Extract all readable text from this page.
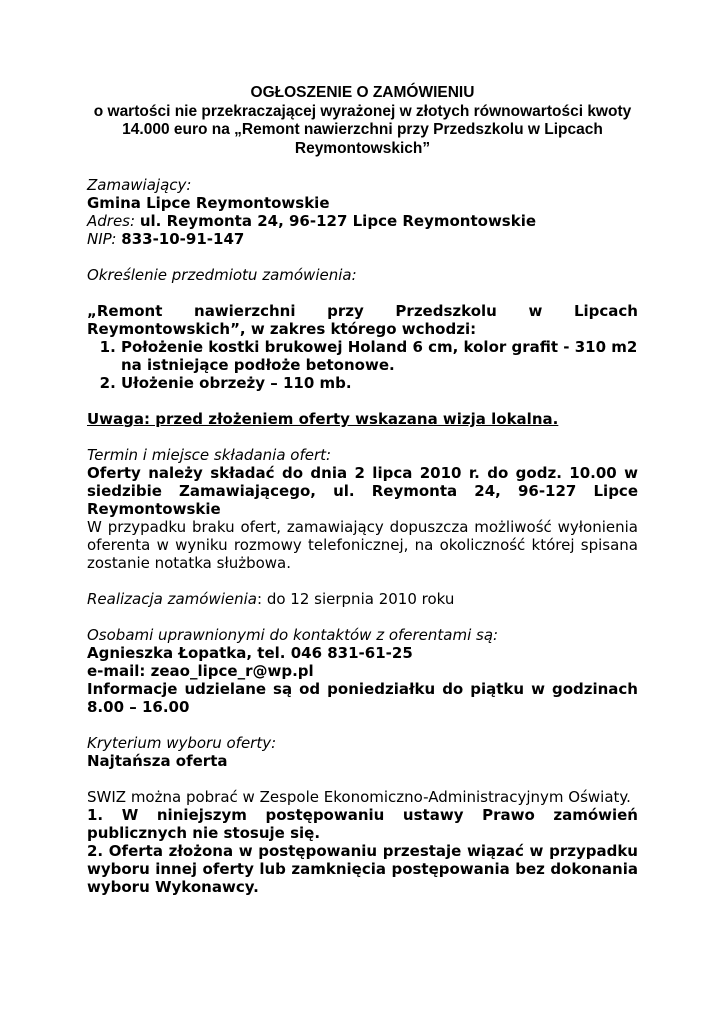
OGŁOSZENIE O ZAMÓWIENIU
o wartości nie przekraczającej wyrażonej w złotych równowartości kwoty 14.000 euro na „Remont nawierzchni przy Przedszkolu w Lipcach Reymontowskich”

Zamawiający:

Gmina Lipce Reymontowskie

Adres: ul. Reymonta 24, 96-127 Lipce Reymontowskie

NIP: 833-10-91-147

Określenie przedmiotu zamówienia:

„Remont nawierzchni przy Przedszkolu w Lipcach
Reymontowskich”, w zakres którego wchodzi:

1. Położenie kostki brukowej Holand 6 cm, kolor grafit - 310 m2 na istniejące podłoże betonowe.
2. Ułożenie obrzeży – 110 mb.

Uwaga: przed złożeniem oferty wskazana wizja lokalna.

Termin i miejsce składania ofert:

Oferty należy składać do dnia 2 lipca 2010 r. do godz. 10.00 w siedzibie Zamawiającego, ul. Reymonta 24, 96-127 Lipce Reymontowskie

W przypadku braku ofert, zamawiający dopuszcza możliwość wyłonienia oferenta w wyniku rozmowy telefonicznej, na okoliczność której spisana zostanie notatka służbowa.

Realizacja zamówienia: do 12 sierpnia 2010 roku

Osobami uprawnionymi do kontaktów z oferentami są:

Agnieszka Łopatka, tel. 046 831-61-25

e-mail: zeao_lipce_r@wp.pl

Informacje udzielane są od poniedziałku do piątku w godzinach 8.00 – 16.00

Kryterium wyboru oferty:

Najtańsza oferta

SWIZ można pobrać w Zespole Ekonomiczno-Administracyjnym Oświaty.

1. W niniejszym postępowaniu ustawy Prawo zamówień publicznych nie stosuje się.

2. Oferta złożona w postępowaniu przestaje wiązać w przypadku wyboru innej oferty lub zamknięcia postępowania bez dokonania wyboru Wykonawcy.
